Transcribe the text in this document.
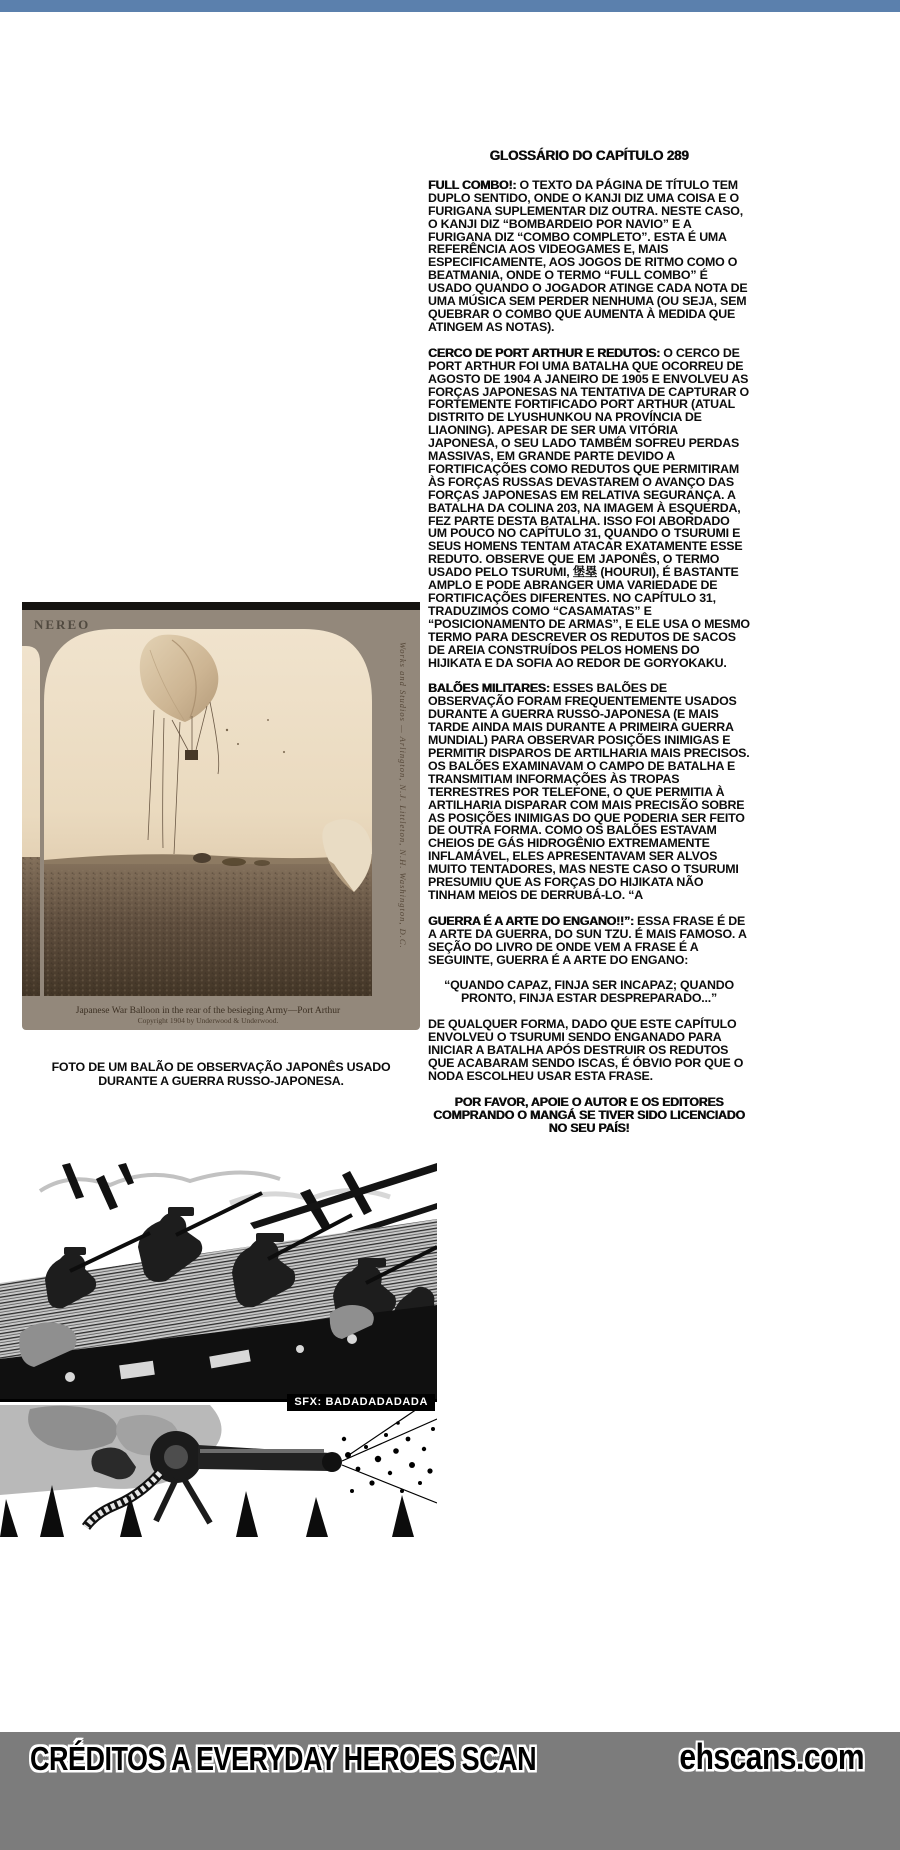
GLOSSÁRIO DO CAPÍTULO 289

FULL COMBO!: O TEXTO DA PÁGINA DE TÍTULO TEM DUPLO SENTIDO, ONDE O KANJI DIZ UMA COISA E O FURIGANA SUPLEMENTAR DIZ OUTRA. NESTE CASO, O KANJI DIZ “BOMBARDEIO POR NAVIO” E A FURIGANA DIZ “COMBO COMPLETO”. ESTA É UMA REFERÊNCIA AOS VIDEOGAMES E, MAIS ESPECIFICAMENTE, AOS JOGOS DE RITMO COMO O BEATMANIA, ONDE O TERMO “FULL COMBO” É USADO QUANDO O JOGADOR ATINGE CADA NOTA DE UMA MÚSICA SEM PERDER NENHUMA (OU SEJA, SEM QUEBRAR O COMBO QUE AUMENTA À MEDIDA QUE ATINGEM AS NOTAS).

CERCO DE PORT ARTHUR E REDUTOS: O CERCO DE PORT ARTHUR FOI UMA BATALHA QUE OCORREU DE AGOSTO DE 1904 A JANEIRO DE 1905 E ENVOLVEU AS FORÇAS JAPONESAS NA TENTATIVA DE CAPTURAR O FORTEMENTE FORTIFICADO PORT ARTHUR (ATUAL DISTRITO DE LYUSHUNKOU NA PROVÍNCIA DE LIAONING). APESAR DE SER UMA VITÓRIA JAPONESA, O SEU LADO TAMBÉM SOFREU PERDAS MASSIVAS, EM GRANDE PARTE DEVIDO A FORTIFICAÇÕES COMO REDUTOS QUE PERMITIRAM ÀS FORÇAS RUSSAS DEVASTAREM O AVANÇO DAS FORÇAS JAPONESAS EM RELATIVA SEGURANÇA. A BATALHA DA COLINA 203, NA IMAGEM À ESQUERDA, FEZ PARTE DESTA BATALHA. ISSO FOI ABORDADO UM POUCO NO CAPÍTULO 31, QUANDO O TSURUMI E SEUS HOMENS TENTAM ATACAR EXATAMENTE ESSE REDUTO. OBSERVE QUE EM JAPONÊS, O TERMO USADO PELO TSURUMI, 堡塁 (HOURUI), É BASTANTE AMPLO E PODE ABRANGER UMA VARIEDADE DE FORTIFICAÇÕES DIFERENTES. NO CAPÍTULO 31, TRADUZIMOS COMO “CASAMATAS” E “POSICIONAMENTO DE ARMAS”, E ELE USA O MESMO TERMO PARA DESCREVER OS REDUTOS DE SACOS DE AREIA CONSTRUÍDOS PELOS HOMENS DO HIJIKATA E DA SOFIA AO REDOR DE GORYOKAKU.

BALÕES MILITARES: ESSES BALÕES DE OBSERVAÇÃO FORAM FREQUENTEMENTE USADOS DURANTE A GUERRA RUSSO-JAPONESA (E MAIS TARDE AINDA MAIS DURANTE A PRIMEIRA GUERRA MUNDIAL) PARA OBSERVAR POSIÇÕES INIMIGAS E PERMITIR DISPAROS DE ARTILHARIA MAIS PRECISOS. OS BALÕES EXAMINAVAM O CAMPO DE BATALHA E TRANSMITIAM INFORMAÇÕES ÀS TROPAS TERRESTRES POR TELEFONE, O QUE PERMITIA À ARTILHARIA DISPARAR COM MAIS PRECISÃO SOBRE AS POSIÇÕES INIMIGAS DO QUE PODERIA SER FEITO DE OUTRA FORMA. COMO OS BALÕES ESTAVAM CHEIOS DE GÁS HIDROGÊNIO EXTREMAMENTE INFLAMÁVEL, ELES APRESENTAVAM SER ALVOS MUITO TENTADORES, MAS NESTE CASO O TSURUMI PRESUMIU QUE AS FORÇAS DO HIJIKATA NÃO TINHAM MEIOS DE DERRUBÁ-LO. “A

GUERRA É A ARTE DO ENGANO!!”: ESSA FRASE É DE A ARTE DA GUERRA, DO SUN TZU. É MAIS FAMOSO. A SEÇÃO DO LIVRO DE ONDE VEM A FRASE É A SEGUINTE, GUERRA É A ARTE DO ENGANO:

“QUANDO CAPAZ, FINJA SER INCAPAZ; QUANDO PRONTO, FINJA ESTAR DESPREPARADO...”

DE QUALQUER FORMA, DADO QUE ESTE CAPÍTULO ENVOLVEU O TSURUMI SENDO ENGANADO PARA INICIAR A BATALHA APÓS DESTRUIR OS REDUTOS QUE ACABARAM SENDO ISCAS, É ÓBVIO POR QUE O NODA ESCOLHEU USAR ESTA FRASE.

POR FAVOR, APOIE O AUTOR E OS EDITORES COMPRANDO O MANGÁ SE TIVER SIDO LICENCIADO NO SEU PAÍS!

NEREO
Japanese War Balloon in the rear of the besieging Army—Port Arthur
Copyright 1904 by Underwood & Underwood.
Works and Studios — Arlington, N.J. Littleton, N.H. Washington, D.C.
FOTO DE UM BALÃO DE OBSERVAÇÃO JAPONÊS USADO
DURANTE A GUERRA RUSSO-JAPONESA.
SFX: BADADADADADA
CRÉDITOS A EVERYDAY HEROES SCAN	ehscans.com
